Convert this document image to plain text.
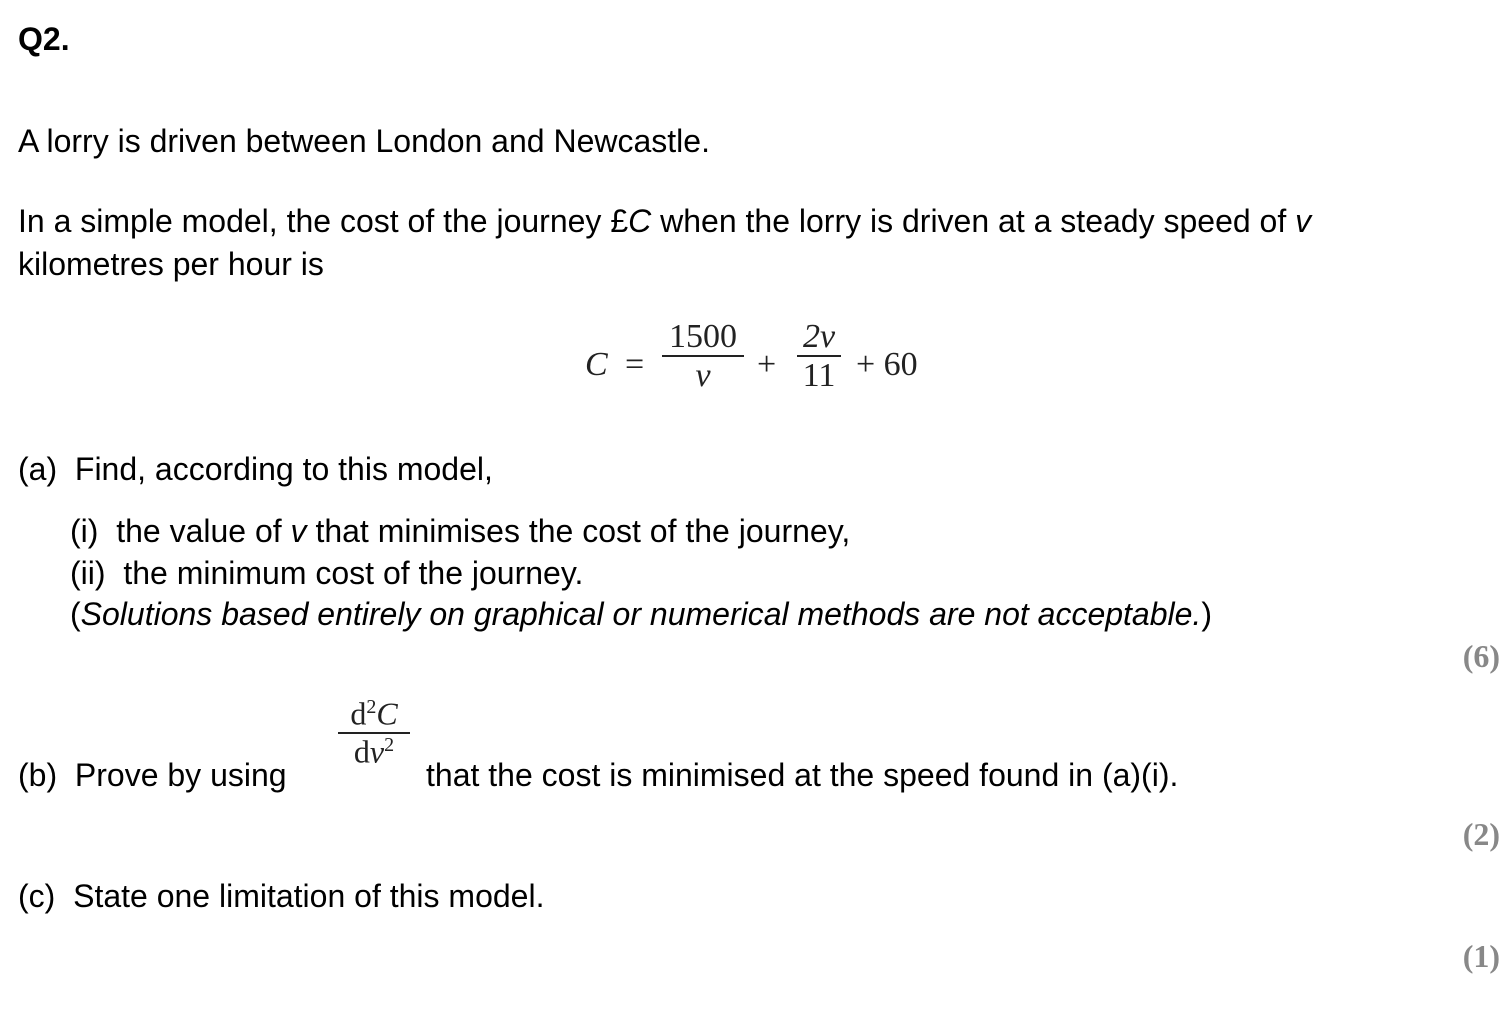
Q2.
A lorry is driven between London and Newcastle.
In a simple model, the cost of the journey £C when the lorry is driven at a steady speed of v
kilometres per hour is
C =
1500
v +
2v
11 + 60
(a) Find, according to this model,
(i) the value of v that minimises the cost of the journey,
(ii) the minimum cost of the journey.
(Solutions based entirely on graphical or numerical methods are not acceptable.)
(6)
(b) Prove by using
$d^2C$
$dv^2$
that the cost is minimised at the speed found in (a)(i).
(2)
(c) State one limitation of this model.
(1)
